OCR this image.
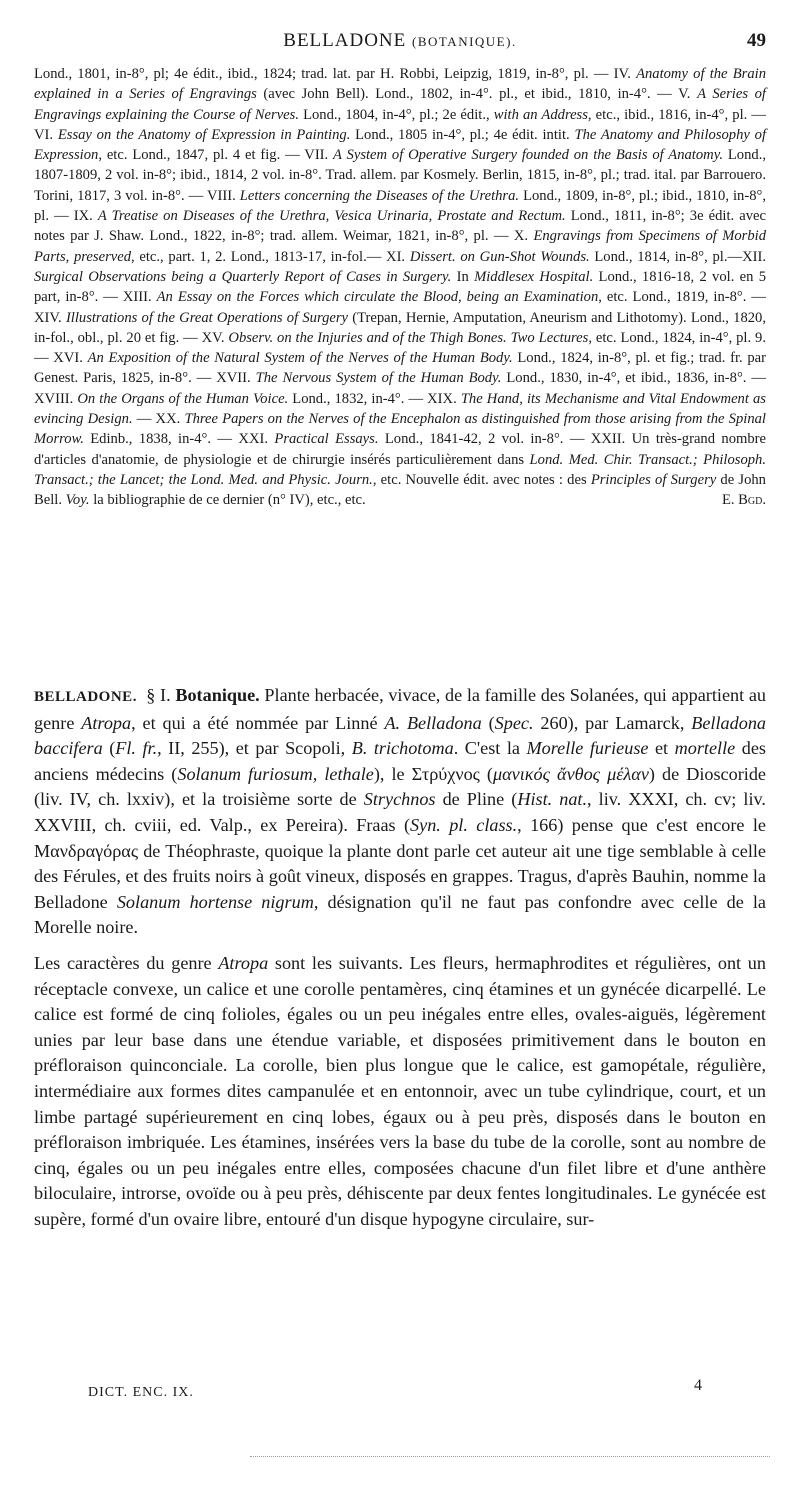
BELLADONE (BOTANIQUE).	49
Lond., 1801, in-8°, pl; 4e édit., ibid., 1824; trad. lat. par H. Robbi, Leipzig, 1819, in-8°, pl. — IV. Anatomy of the Brain explained in a Series of Engravings (avec John Bell). Lond., 1802, in-4°. pl., et ibid., 1810, in-4°. — V. A Series of Engravings explaining the Course of Nerves. Lond., 1804, in-4°, pl.; 2e édit., with an Address, etc., ibid., 1816, in-4°, pl. — VI. Essay on the Anatomy of Expression in Painting. Lond., 1805 in-4°, pl.; 4e édit. intit. The Anatomy and Philosophy of Expression, etc. Lond., 1847, pl. 4 et fig. — VII. A System of Operative Surgery founded on the Basis of Anatomy. Lond., 1807-1809, 2 vol. in-8°; ibid., 1814, 2 vol. in-8°. Trad. allem. par Kosmely. Berlin, 1815, in-8°, pl.; trad. ital. par Barrouero. Torini, 1817, 3 vol. in-8°. — VIII. Letters concerning the Diseases of the Urethra. Lond., 1809, in-8°, pl.; ibid., 1810, in-8°, pl. — IX. A Treatise on Diseases of the Urethra, Vesica Urinaria, Prostate and Rectum. Lond., 1811, in-8°; 3e édit. avec notes par J. Shaw. Lond., 1822, in-8°; trad. allem. Weimar, 1821, in-8°, pl. — X. Engravings from Specimens of Morbid Parts, preserved, etc., part. 1, 2. Lond., 1813-17, in-fol.— XI. Dissert. on Gun-Shot Wounds. Lond., 1814, in-8°, pl.—XII. Surgical Observations being a Quarterly Report of Cases in Surgery. In Middlesex Hospital. Lond., 1816-18, 2 vol. en 5 part, in-8°. — XIII. An Essay on the Forces which circulate the Blood, being an Examination, etc. Lond., 1819, in-8°. — XIV. Illustrations of the Great Operations of Surgery (Trepan, Hernie, Amputation, Aneurism and Lithotomy). Lond., 1820, in-fol., obl., pl. 20 et fig. — XV. Observ. on the Injuries and of the Thigh Bones. Two Lectures, etc. Lond., 1824, in-4°, pl. 9. — XVI. An Exposition of the Natural System of the Nerves of the Human Body. Lond., 1824, in-8°, pl. et fig.; trad. fr. par Genest. Paris, 1825, in-8°. — XVII. The Nervous System of the Human Body. Lond., 1830, in-4°, et ibid., 1836, in-8°. — XVIII. On the Organs of the Human Voice. Lond., 1832, in-4°. — XIX. The Hand, its Mechanisme and Vital Endowment as evincing Design. — XX. Three Papers on the Nerves of the Encephalon as distinguished from those arising from the Spinal Morrow. Edinb., 1838, in-4°. — XXI. Practical Essays. Lond., 1841-42, 2 vol. in-8°. — XXII. Un très-grand nombre d'articles d'anatomie, de physiologie et de chirurgie insérés particulièrement dans Lond. Med. Chir. Transact.; Philosoph. Transact.; the Lancet; the Lond. Med. and Physic. Journ., etc. Nouvelle édit. avec notes : des Principles of Surgery de John Bell. Voy. la bibliographie de ce dernier (n° IV), etc., etc.	E. Bgd.

BELLADONE. § I. Botanique. Plante herbacée, vivace, de la famille des Solanées, qui appartient au genre Atropa, et qui a été nommée par Linné A. Belladona (Spec. 260), par Lamarck, Belladona baccifera (Fl. fr., II, 255), et par Scopoli, B. trichotoma. C'est la Morelle furieuse et mortelle des anciens médecins (Solanum furiosum, lethale), le Στρύχνος (μανικός ἄνθος μέλαν) de Dioscoride (liv. IV, ch. lxxiv), et la troisième sorte de Strychnos de Pline (Hist. nat., liv. XXXI, ch. cv; liv. XXVIII, ch. cviii, ed. Valp., ex Pereira). Fraas (Syn. pl. class., 166) pense que c'est encore le Μανδραγόρας de Théophraste, quoique la plante dont parle cet auteur ait une tige semblable à celle des Férules, et des fruits noirs à goût vineux, disposés en grappes. Tragus, d'après Bauhin, nomme la Belladone Solanum hortense nigrum, désignation qu'il ne faut pas confondre avec celle de la Morelle noire.

Les caractères du genre Atropa sont les suivants. Les fleurs, hermaphrodites et régulières, ont un réceptacle convexe, un calice et une corolle pentamères, cinq étamines et un gynécée dicarpellé. Le calice est formé de cinq folioles, égales ou un peu inégales entre elles, ovales-aiguës, légèrement unies par leur base dans une étendue variable, et disposées primitivement dans le bouton en préfloraison quinconciale. La corolle, bien plus longue que le calice, est gamopétale, régulière, intermédiaire aux formes dites campanulée et en entonnoir, avec un tube cylindrique, court, et un limbe partagé supérieurement en cinq lobes, égaux ou à peu près, disposés dans le bouton en préfloraison imbriquée. Les étamines, insérées vers la base du tube de la corolle, sont au nombre de cinq, égales ou un peu inégales entre elles, composées chacune d'un filet libre et d'une anthère biloculaire, introrse, ovoïde ou à peu près, déhiscente par deux fentes longitudinales. Le gynécée est supère, formé d'un ovaire libre, entouré d'un disque hypogyne circulaire, sur-

DICT. ENC. IX.	4
